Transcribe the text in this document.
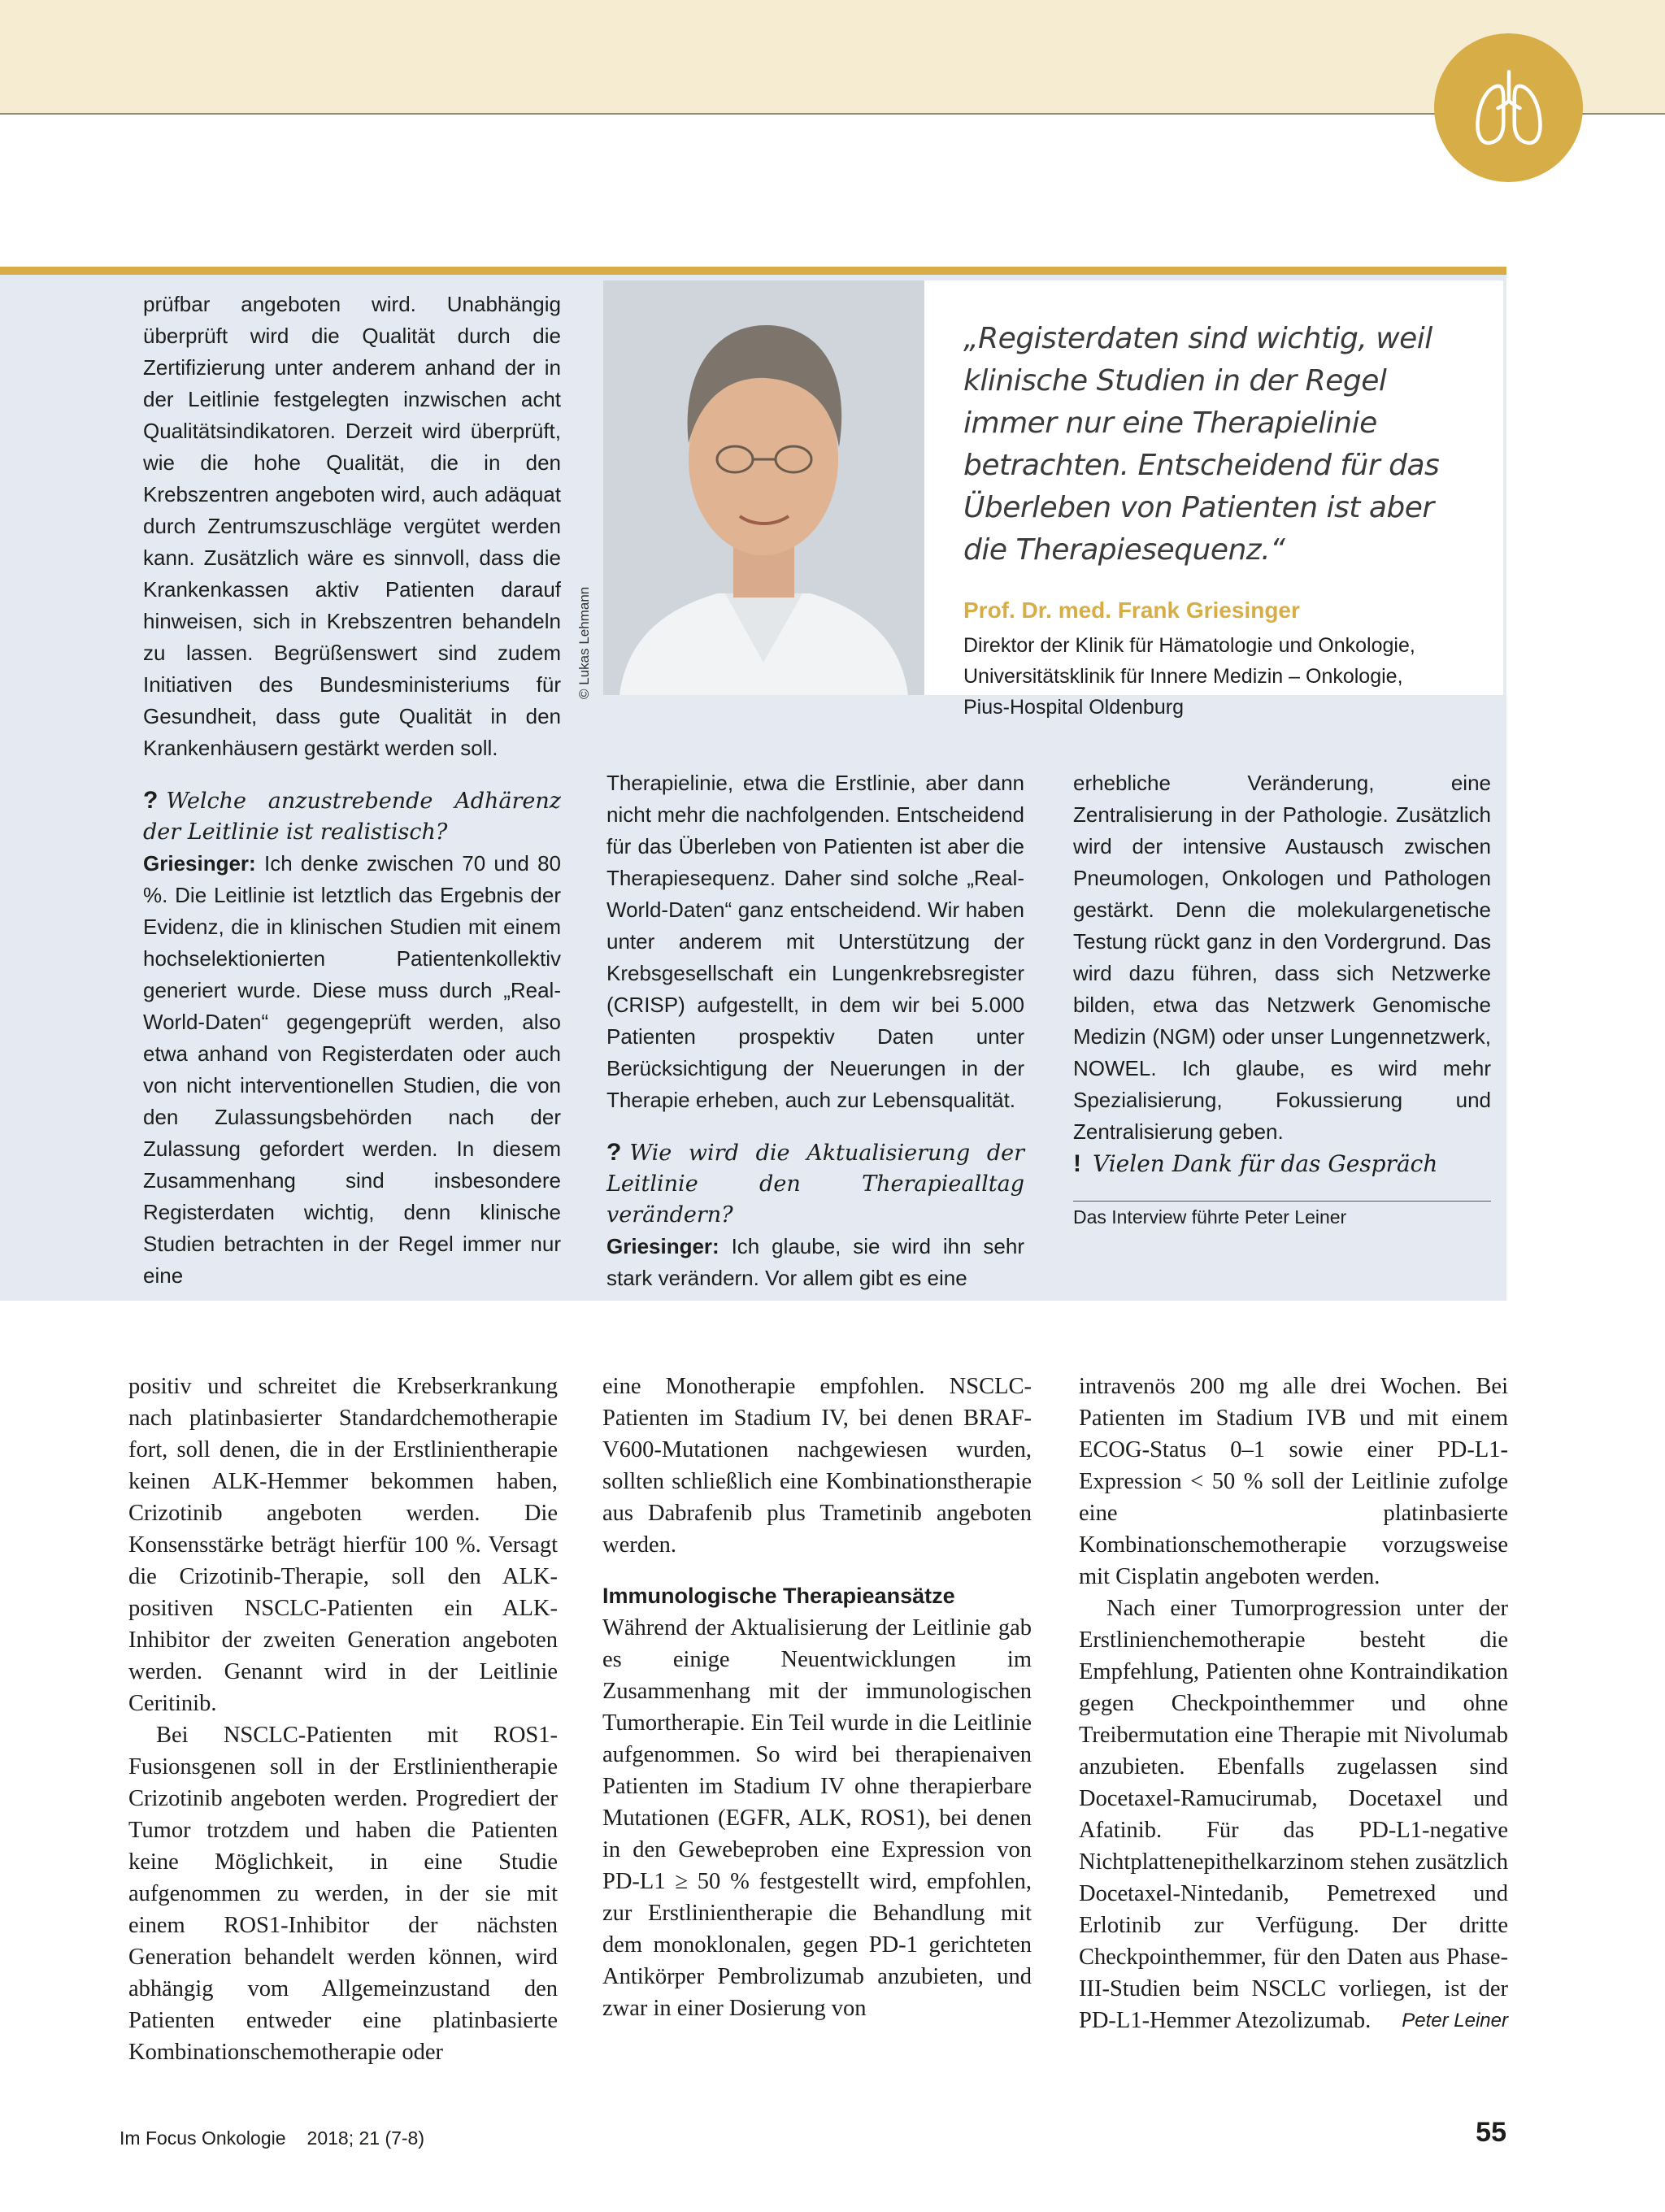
© Lukas Lehmann
„Registerdaten sind wichtig, weil klinische Studien in der Regel immer nur eine Therapielinie betrachten. Entscheidend für das Überleben von Patienten ist aber die Therapiesequenz.“
Prof. Dr. med. Frank Griesinger
Direktor der Klinik für Hämatologie und Onkologie,
Universitätsklinik für Innere Medizin – Onkologie,
Pius-Hospital Oldenburg

prüfbar angeboten wird. Unabhängig überprüft wird die Qualität durch die Zertifizierung unter anderem anhand der in der Leitlinie festgelegten inzwischen acht Qualitätsindikatoren. Derzeit wird überprüft, wie die hohe Qualität, die in den Krebszentren angeboten wird, auch adäquat durch Zentrumszuschläge vergütet werden kann. Zusätzlich wäre es sinnvoll, dass die Krankenkassen aktiv Patienten darauf hinweisen, sich in Krebszentren behandeln zu lassen. Begrüßenswert sind zudem Initiativen des Bundesministeriums für Gesundheit, dass gute Qualität in den Krankenhäusern gestärkt werden soll.

? Welche anzustrebende Adhärenz der Leitlinie ist realistisch?

Griesinger: Ich denke zwischen 70 und 80 %. Die Leitlinie ist letztlich das Ergebnis der Evidenz, die in klinischen Studien mit einem hochselektionierten Patientenkollektiv generiert wurde. Diese muss durch „Real-World-Daten“ gegengeprüft werden, also etwa anhand von Registerdaten oder auch von nicht interventionellen Studien, die von den Zulassungsbehörden nach der Zulassung gefordert werden. In diesem Zusammenhang sind insbesondere Registerdaten wichtig, denn klinische Studien betrachten in der Regel immer nur eine

Therapielinie, etwa die Erstlinie, aber dann nicht mehr die nachfolgenden. Entscheidend für das Überleben von Patienten ist aber die Therapiesequenz. Daher sind solche „Real-World-Daten“ ganz entscheidend. Wir haben unter anderem mit Unterstützung der Krebsgesellschaft ein Lungenkrebsregister (CRISP) aufgestellt, in dem wir bei 5.000 Patienten prospektiv Daten unter Berücksichtigung der Neuerungen in der Therapie erheben, auch zur Lebensqualität.

? Wie wird die Aktualisierung der Leitlinie den Therapiealltag verändern?

Griesinger: Ich glaube, sie wird ihn sehr stark verändern. Vor allem gibt es eine

erhebliche Veränderung, eine Zentralisierung in der Pathologie. Zusätzlich wird der intensive Austausch zwischen Pneumologen, Onkologen und Pathologen gestärkt. Denn die molekulargenetische Testung rückt ganz in den Vordergrund. Das wird dazu führen, dass sich Netzwerke bilden, etwa das Netzwerk Genomische Medizin (NGM) oder unser Lungennetzwerk, NOWEL. Ich glaube, es wird mehr Spezialisierung, Fokussierung und Zentralisierung geben.

! Vielen Dank für das Gespräch

Das Interview führte Peter Leiner

positiv und schreitet die Krebserkrankung nach platinbasierter Standardchemotherapie fort, soll denen, die in der Erstlinientherapie keinen ALK-Hemmer bekommen haben, Crizotinib angeboten werden. Die Konsensstärke beträgt hierfür 100 %. Versagt die Crizotinib-Therapie, soll den ALK-positiven NSCLC-Patienten ein ALK-Inhibitor der zweiten Generation angeboten werden. Genannt wird in der Leitlinie Ceritinib.

Bei NSCLC-Patienten mit ROS1-Fusionsgenen soll in der Erstlinientherapie Crizotinib angeboten werden. Progrediert der Tumor trotzdem und haben die Patienten keine Möglichkeit, in eine Studie aufgenommen zu werden, in der sie mit einem ROS1-Inhibitor der nächsten Generation behandelt werden können, wird abhängig vom Allgemeinzustand den Patienten entweder eine platinbasierte Kombinationschemotherapie oder

eine Monotherapie empfohlen. NSCLC-Patienten im Stadium IV, bei denen BRAF-V600-Mutationen nachgewiesen wurden, sollten schließlich eine Kombinationstherapie aus Dabrafenib plus Trametinib angeboten werden.

Immunologische Therapieansätze

Während der Aktualisierung der Leitlinie gab es einige Neuentwicklungen im Zusammenhang mit der immunologischen Tumortherapie. Ein Teil wurde in die Leitlinie aufgenommen. So wird bei therapienaiven Patienten im Stadium IV ohne therapierbare Mutationen (EGFR, ALK, ROS1), bei denen in den Gewebeproben eine Expression von PD-L1 ≥ 50 % festgestellt wird, empfohlen, zur Erstlinientherapie die Behandlung mit dem monoklonalen, gegen PD-1 gerichteten Antikörper Pembrolizumab anzubieten, und zwar in einer Dosierung von

intravenös 200 mg alle drei Wochen. Bei Patienten im Stadium IVB und mit einem ECOG-Status 0–1 sowie einer PD-L1-Expression < 50 % soll der Leitlinie zufolge eine platinbasierte Kombinationschemotherapie vorzugsweise mit Cisplatin angeboten werden.

Nach einer Tumorprogression unter der Erstlinienchemotherapie besteht die Empfehlung, Patienten ohne Kontraindikation gegen Checkpointhemmer und ohne Treibermutation eine Therapie mit Nivolumab anzubieten. Ebenfalls zugelassen sind Docetaxel-Ramucirumab, Docetaxel und Afatinib. Für das PD-L1-negative Nichtplattenepithelkarzinom stehen zusätzlich Docetaxel-Nintedanib, Pemetrexed und Erlotinib zur Verfügung. Der dritte Checkpointhemmer, für den Daten aus Phase-III-Studien beim NSCLC vorliegen, ist der PD-L1-Hemmer Atezolizumab.	Peter Leiner

Im Focus Onkologie 2018; 21 (7-8)	55
